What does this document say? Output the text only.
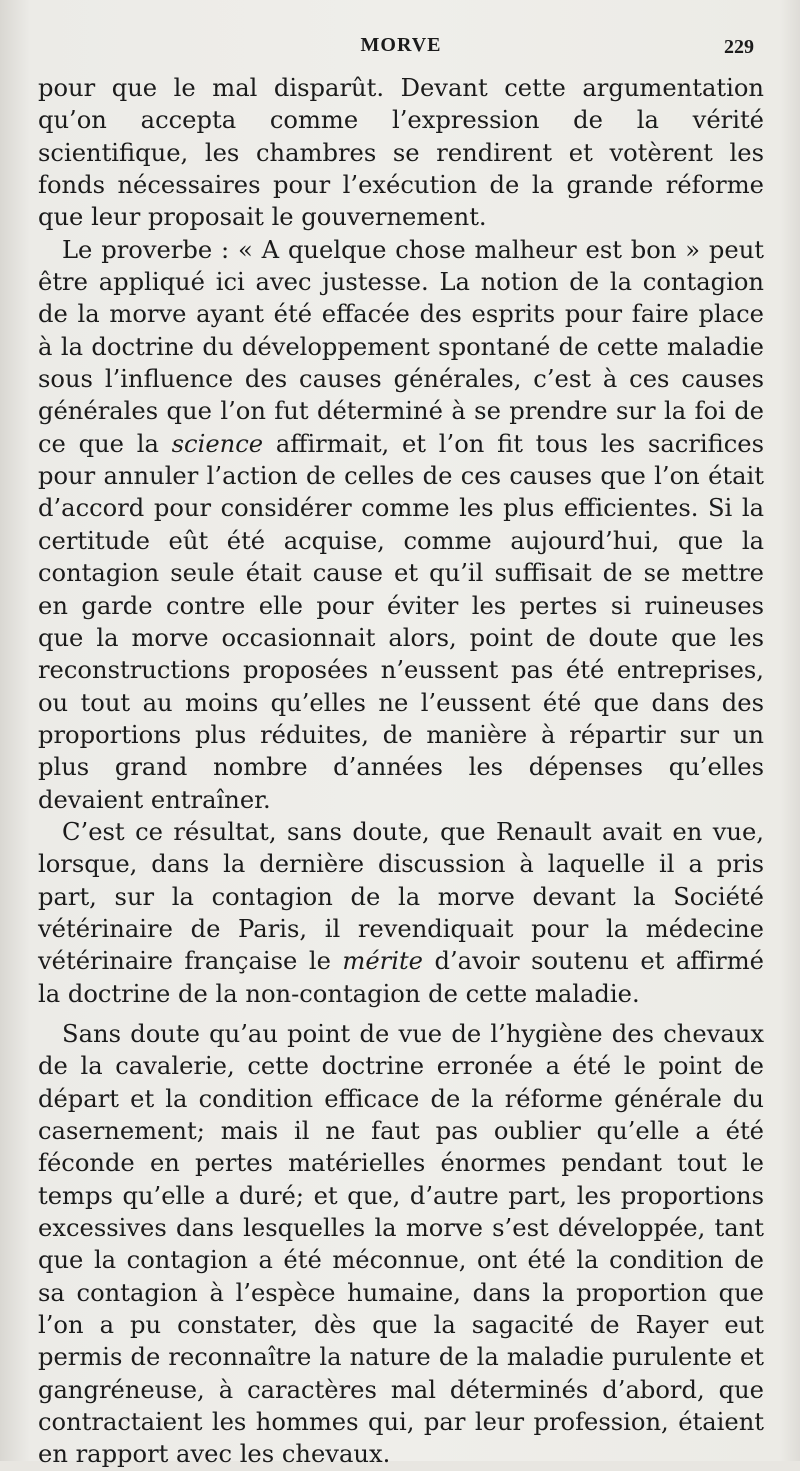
MORVE	229

pour que le mal disparût. Devant cette argumentation qu’on accepta comme l’expression de la vérité scientifique, les chambres se rendirent et votèrent les fonds nécessaires pour l’exécution de la grande réforme que leur proposait le gouvernement.

Le proverbe : « A quelque chose malheur est bon » peut être appliqué ici avec justesse. La notion de la contagion de la morve ayant été effacée des esprits pour faire place à la doctrine du développement spontané de cette maladie sous l’influence des causes générales, c’est à ces causes générales que l’on fut déterminé à se prendre sur la foi de ce que la science affirmait, et l’on fit tous les sacrifices pour annuler l’action de celles de ces causes que l’on était d’accord pour considérer comme les plus efficientes. Si la certitude eût été acquise, comme aujourd’hui, que la contagion seule était cause et qu’il suffisait de se mettre en garde contre elle pour éviter les pertes si ruineuses que la morve occasionnait alors, point de doute que les reconstructions proposées n’eussent pas été entreprises, ou tout au moins qu’elles ne l’eussent été que dans des proportions plus réduites, de manière à répartir sur un plus grand nombre d’années les dépenses qu’elles devaient entraîner.

C’est ce résultat, sans doute, que Renault avait en vue, lorsque, dans la dernière discussion à laquelle il a pris part, sur la contagion de la morve devant la Société vétérinaire de Paris, il revendiquait pour la médecine vétérinaire française le mérite d’avoir soutenu et affirmé la doctrine de la non-contagion de cette maladie.

Sans doute qu’au point de vue de l’hygiène des chevaux de la cavalerie, cette doctrine erronée a été le point de départ et la condition efficace de la réforme générale du casernement; mais il ne faut pas oublier qu’elle a été féconde en pertes matérielles énormes pendant tout le temps qu’elle a duré; et que, d’autre part, les proportions excessives dans lesquelles la morve s’est développée, tant que la contagion a été méconnue, ont été la condition de sa contagion à l’espèce humaine, dans la proportion que l’on a pu constater, dès que la sagacité de Rayer eut permis de reconnaître la nature de la maladie purulente et gangréneuse, à caractères mal déterminés d’abord, que contractaient les hommes qui, par leur profession, étaient en rapport avec les chevaux.
